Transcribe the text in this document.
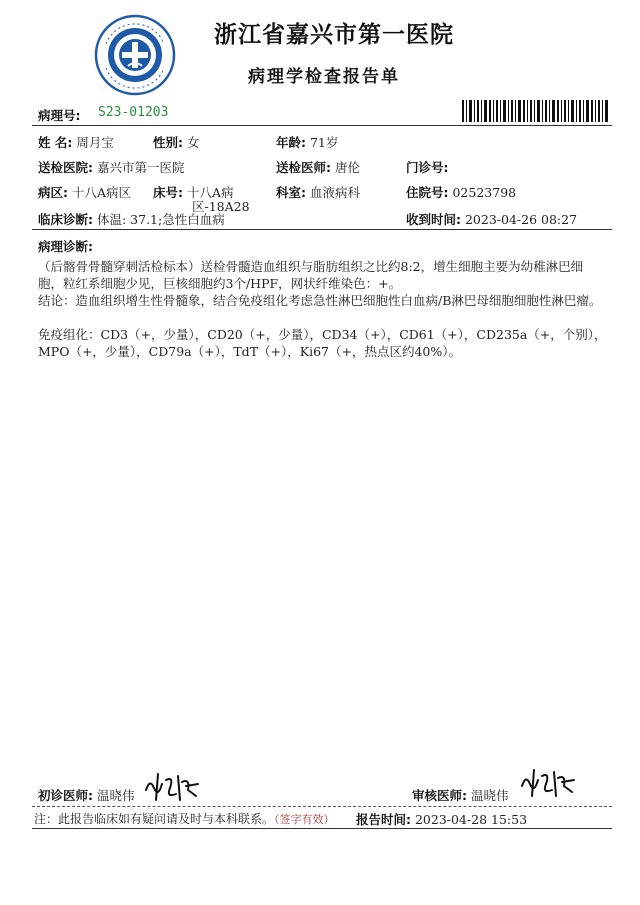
浙江省嘉兴市第一医院
病理学检查报告单
病理号: S23-01203
姓 名: 周月宝	性别: 女	年龄: 71岁
送检医院: 嘉兴市第一医院	送检医师: 唐伦	门诊号:
病区: 十八A病区 床号: 十八A病
区-18A28
科室: 血液病科	住院号: 02523798
临床诊断: 体温: 37.1;急性白血病	收到时间: 2023-04-26 08:27
病理诊断:

（后髂骨骨髓穿刺活检标本）送检骨髓造血组织与脂肪组织之比约8:2，增生细胞主要为幼稚淋巴细胞，粒红系细胞少见，巨核细胞约3个/HPF，网状纤维染色：+。

结论：造血组织增生性骨髓象，结合免疫组化考虑急性淋巴细胞性白血病/B淋巴母细胞细胞性淋巴瘤。

免疫组化：CD3（+，少量），CD20（+，少量），CD34（+），CD61（+），CD235a（+，个别），MPO（+，少量），CD79a（+），TdT（+），Ki67（+，热点区约40%）。

初诊医师: 温晓伟	审核医师: 温晓伟
注：此报告临床如有疑问请及时与本科联系。（签字有效） 报告时间: 2023-04-28 15:53
